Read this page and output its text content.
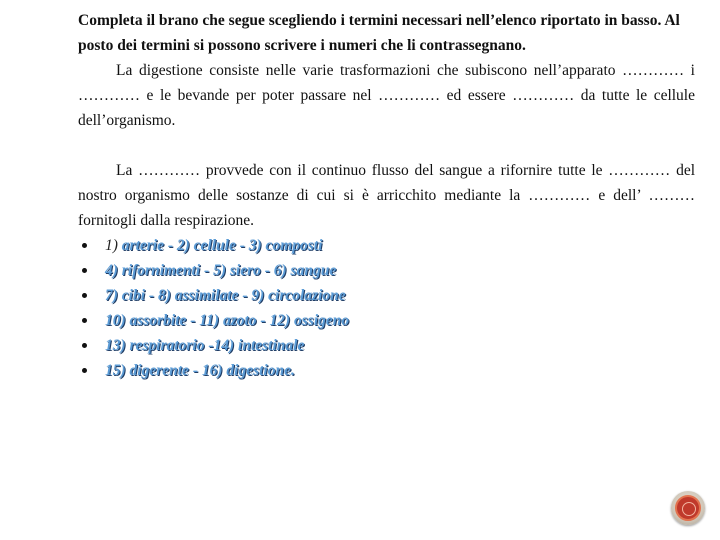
Completa il brano che segue scegliendo i termini necessari nell’elenco riportato in basso. Al posto dei termini si possono scrivere i numeri che li contrassegnano.

La digestione consiste nelle varie trasformazioni che subiscono nell’apparato ………… i ………… e le bevande per poter passare nel ………… ed essere ………… da tutte le cellule dell’organismo.

La ………… provvede con il continuo flusso del sangue a rifornire tutte le ………… del nostro organismo delle sostanze di cui si è arricchito mediante la ………… e dell’ ……… fornitogli dalla respirazione.

1) arterie - 2) cellule - 3) composti
4) rifornimenti - 5) siero - 6) sangue
7) cibi - 8) assimilate - 9) circolazione
10) assorbite - 11) azoto - 12) ossigeno
13) respiratorio -14) intestinale
15) digerente - 16) digestione.
